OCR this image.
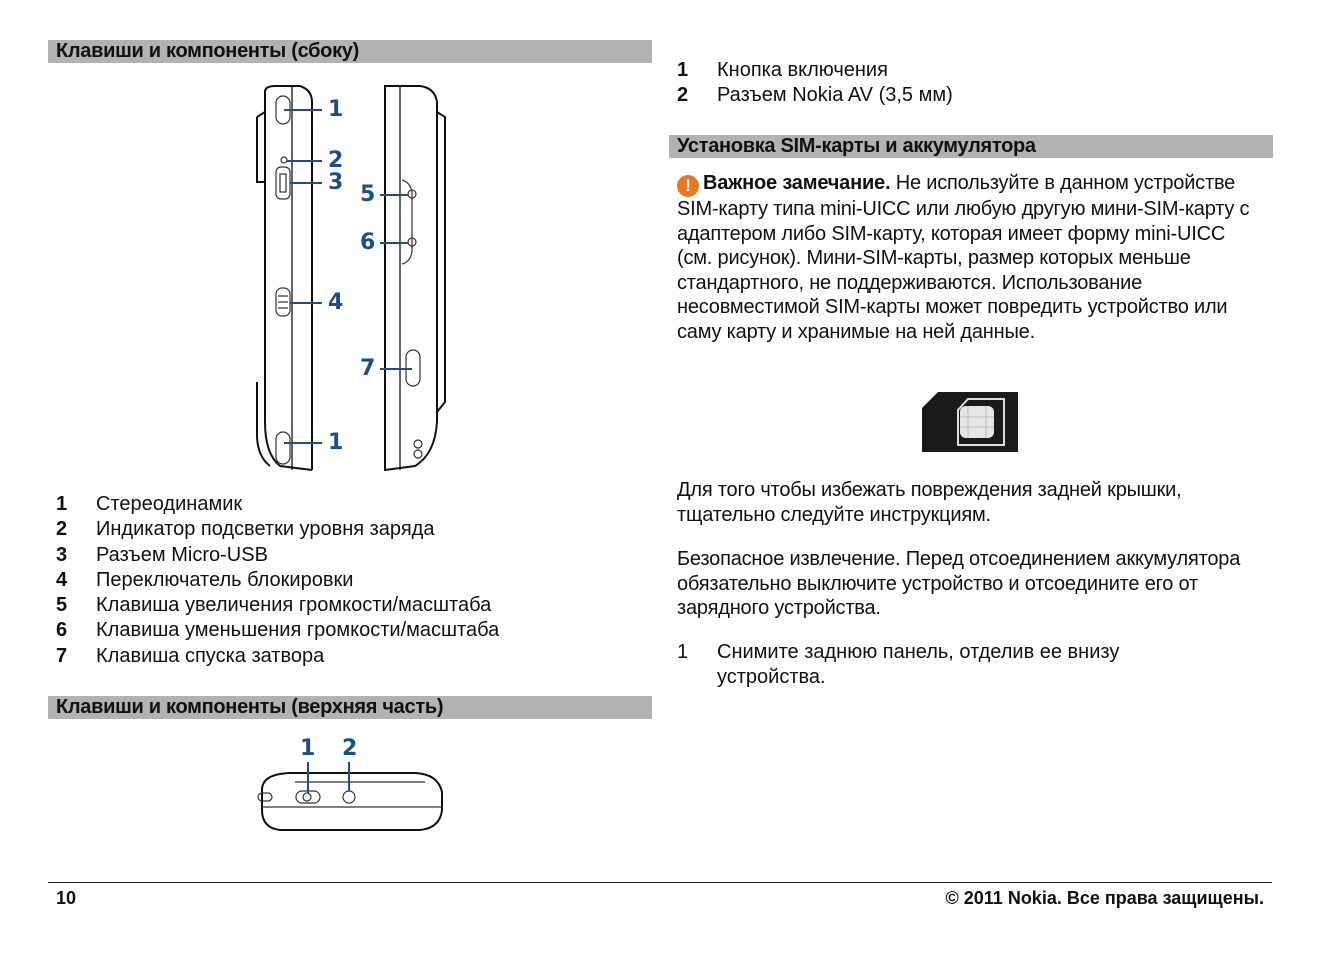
Клавиши и компоненты (сбоку)
1
2
3
4
5
6
7
1
1	Стереодинамик
2	Индикатор подсветки уровня заряда
3	Разъем Micro-USB
4	Переключатель блокировки
5	Клавиша увеличения громкости/масштаба
6	Клавиша уменьшения громкости/масштаба
7	Клавиша спуска затвора
Клавиши и компоненты (верхняя часть)
1 2
1	Кнопка включения
2	Разъем Nokia AV (3,5 мм)
Установка SIM-карты и аккумулятора
! Важное замечание. Не используйте в данном устройстве SIM-карту типа mini-UICC или любую другую мини-SIM-карту с адаптером либо SIM-карту, которая имеет форму mini-UICC (см. рисунок). Мини-SIM-карты, размер которых меньше стандартного, не поддерживаются. Использование несовместимой SIM-карты может повредить устройство или саму карту и хранимые на ней данные.
Для того чтобы избежать повреждения задней крышки, тщательно следуйте инструкциям.
Безопасное извлечение. Перед отсоединением аккумулятора обязательно выключите устройство и отсоедините его от зарядного устройства.
1	Снимите заднюю панель, отделив ее внизу устройства.
10	© 2011 Nokia. Все права защищены.
